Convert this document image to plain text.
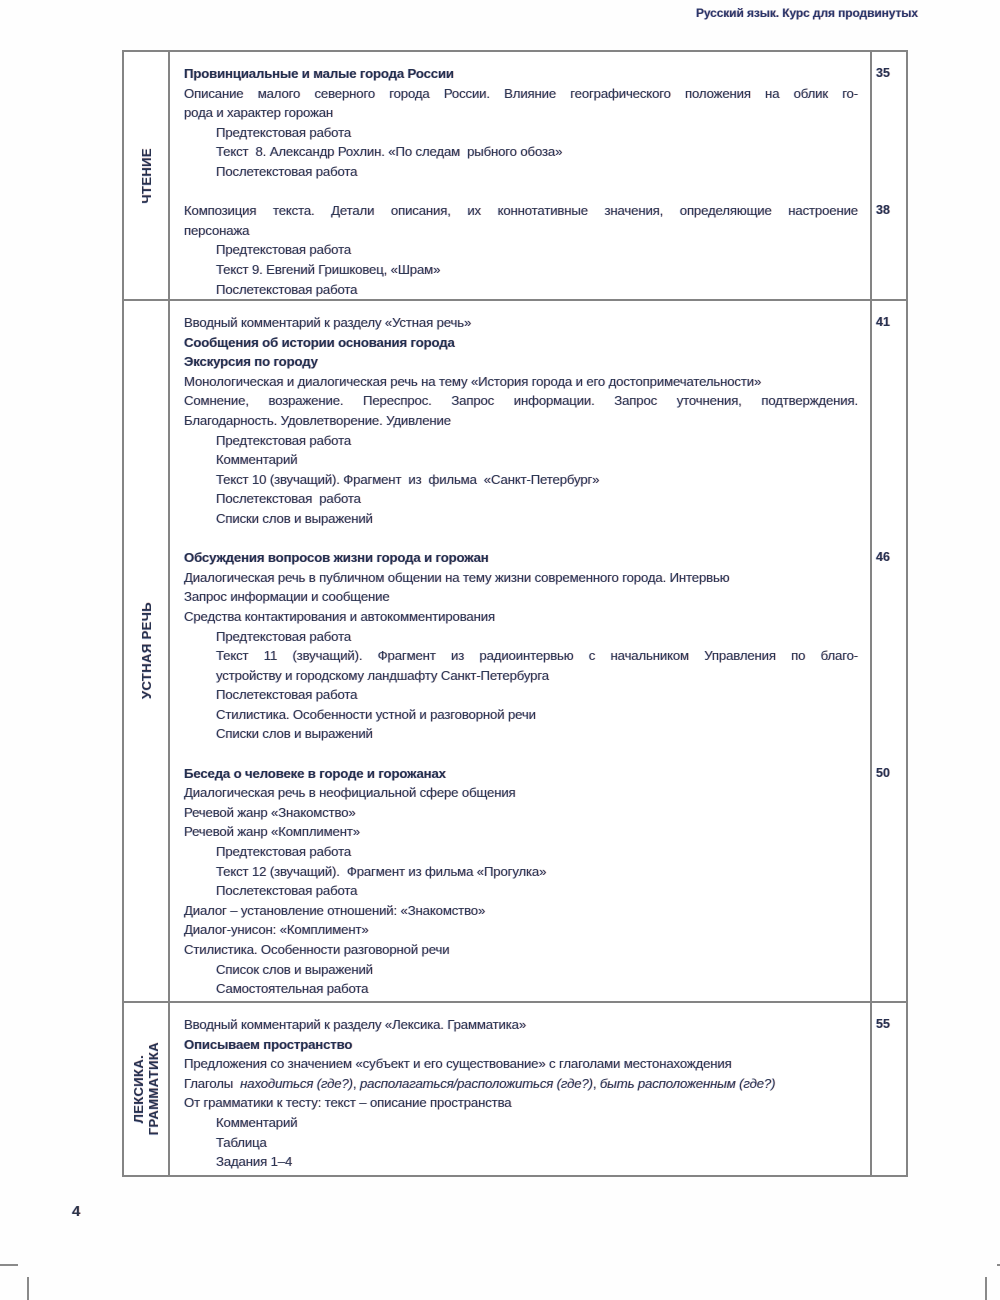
Русский язык. Курс для продвинутых
ЧТЕНИЕ
Провинциальные и малые города России	35
Описание малого северного города России. Влияние географического положения на облик го-
рода и характер горожан
Предтекстовая работа
Текст  8. Александр Рохлин. «По следам  рыбного обоза»
Послетекстовая работа
Композиция текста. Детали описания, их коннотативные значения, определяющие настроение 38
персонажа
Предтекстовая работа
Текст 9. Евгений Гришковец, «Шрам»
Послетекстовая работа
УСТНАЯ РЕЧЬ
Вводный комментарий к разделу «Устная речь»	41
Сообщения об истории основания города
Экскурсия по городу
Монологическая и диалогическая речь на тему «История города и его достопримечательности»
Сомнение, возражение. Переспрос. Запрос информации. Запрос уточнения, подтверждения.
Благодарность. Удовлетворение. Удивление
Предтекстовая работа
Комментарий
Текст 10 (звучащий). Фрагмент  из  фильма  «Санкт-Петербург»
Послетекстовая  работа
Списки слов и выражений
Обсуждения вопросов жизни города и горожан	46
Диалогическая речь в публичном общении на тему жизни современного города. Интервью
Запрос информации и сообщение
Средства контактирования и автокомментирования
Предтекстовая работа
Текст 11 (звучащий). Фрагмент из радиоинтервью с начальником Управления по благо-
устройству и городскому ландшафту Санкт-Петербурга
Послетекстовая работа
Стилистика. Особенности устной и разговорной речи
Списки слов и выражений
Беседа о человеке в городе и горожанах	50
Диалогическая речь в неофициальной сфере общения
Речевой жанр «Знакомство»
Речевой жанр «Комплимент»
Предтекстовая работа
Текст 12 (звучащий).  Фрагмент из фильма «Прогулка»
Послетекстовая работа
Диалог – установление отношений: «Знакомство»
Диалог-унисон: «Комплимент»
Стилистика. Особенности разговорной речи
Список слов и выражений
Самостоятельная работа
ЛЕКСИКА.
ГРАММАТИКА
Вводный комментарий к разделу «Лексика. Грамматика»	55
Описываем пространство
Предложения со значением «субъект и его существование» с глаголами местонахождения
Глаголы  находиться (где?), располагаться/расположиться (где?), быть расположенным (где?)
От грамматики к тесту: текст – описание пространства
Комментарий
Таблица
Задания 1–4
4
